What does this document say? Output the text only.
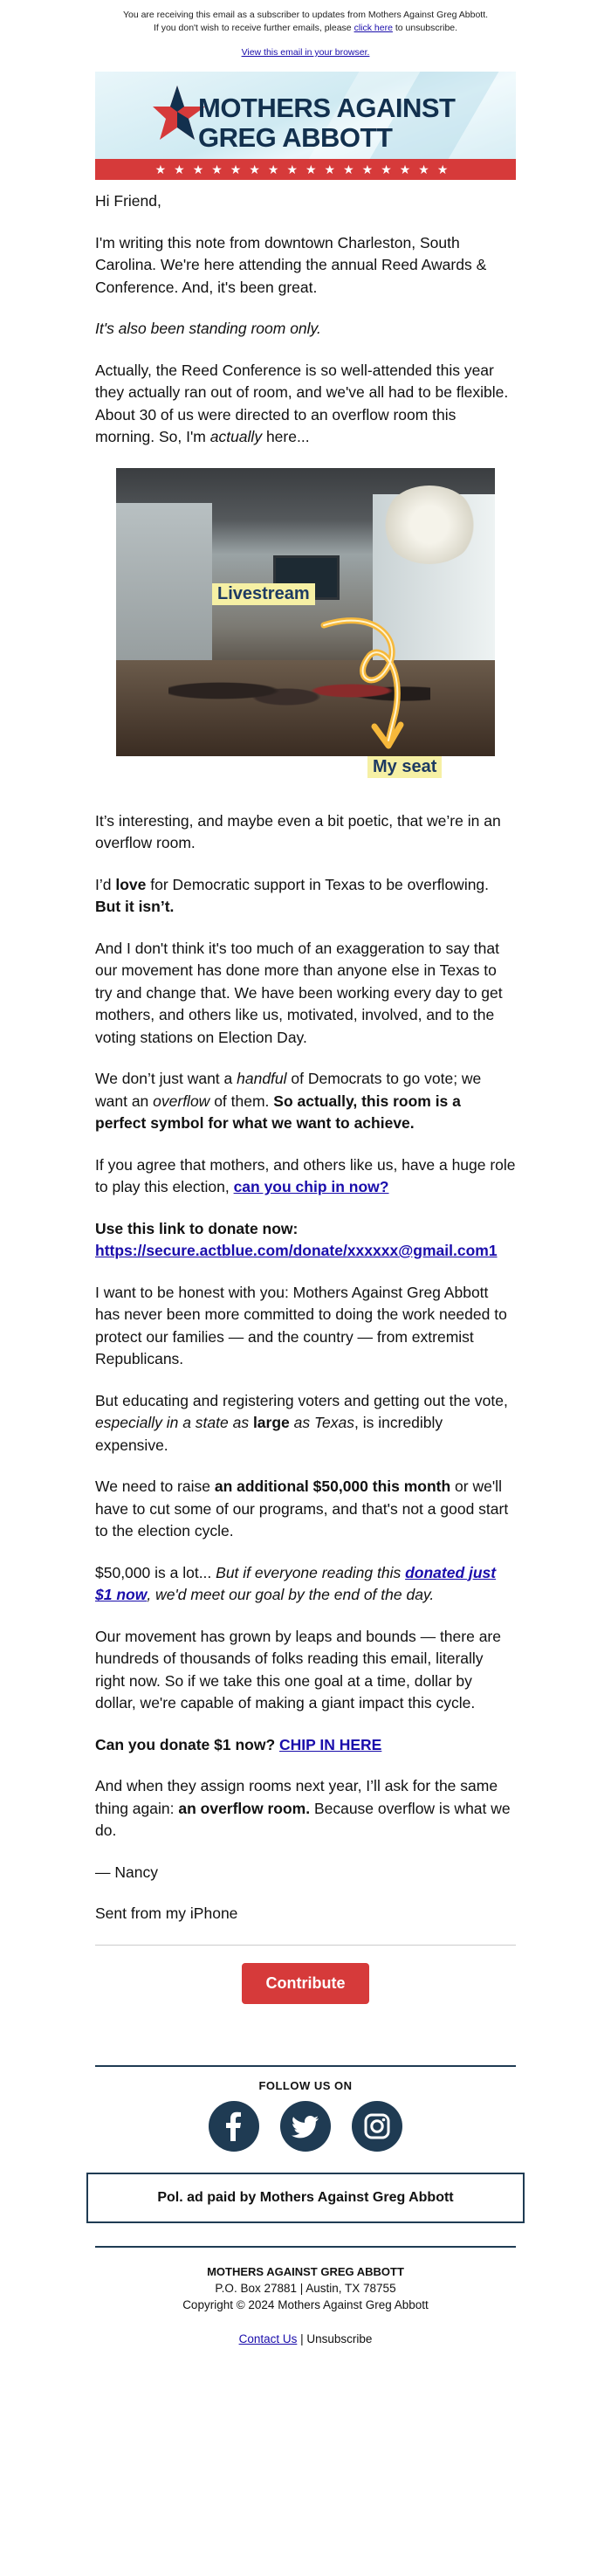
You are receiving this email as a subscriber to updates from Mothers Against Greg Abbott.
If you don't wish to receive further emails, please click here to unsubscribe.
View this email in your browser.
MOTHERS AGAINST
GREG ABBOTT
★★★★★★★★★★★★★★★★

Hi Friend,

I'm writing this note from downtown Charleston, South Carolina. We're here attending the annual Reed Awards & Conference. And, it's been great.

It's also been standing room only.

Actually, the Reed Conference is so well-attended this year they actually ran out of room, and we've all had to be flexible. About 30 of us were directed to an overflow room this morning. So, I'm actually here...

Livestream
My seat

It’s interesting, and maybe even a bit poetic, that we’re in an overflow room.

I’d love for Democratic support in Texas to be overflowing. But it isn’t.

And I don't think it's too much of an exaggeration to say that our movement has done more than anyone else in Texas to try and change that. We have been working every day to get mothers, and others like us, motivated, involved, and to the voting stations on Election Day.

We don’t just want a handful of Democrats to go vote; we want an overflow of them. So actually, this room is a perfect symbol for what we want to achieve.

If you agree that mothers, and others like us, have a huge role to play this election, can you chip in now?

Use this link to donate now:
https://secure.actblue.com/donate/xxxxxx@gmail.com1

I want to be honest with you: Mothers Against Greg Abbott has never been more committed to doing the work needed to protect our families — and the country — from extremist Republicans.

But educating and registering voters and getting out the vote, especially in a state as large as Texas, is incredibly expensive.

We need to raise an additional $50,000 this month or we'll have to cut some of our programs, and that's not a good start to the election cycle.

$50,000 is a lot... But if everyone reading this donated just $1 now, we'd meet our goal by the end of the day.

Our movement has grown by leaps and bounds — there are hundreds of thousands of folks reading this email, literally right now. So if we take this one goal at a time, dollar by dollar, we're capable of making a giant impact this cycle.

Can you donate $1 now? CHIP IN HERE

And when they assign rooms next year, I’ll ask for the same thing again: an overflow room. Because overflow is what we do.

— Nancy

Sent from my iPhone

Contribute
FOLLOW US ON
Pol. ad paid by Mothers Against Greg Abbott
MOTHERS AGAINST GREG ABBOTT
P.O. Box 27881 | Austin, TX 78755
Copyright © 2024 Mothers Against Greg Abbott
Contact Us | Unsubscribe
